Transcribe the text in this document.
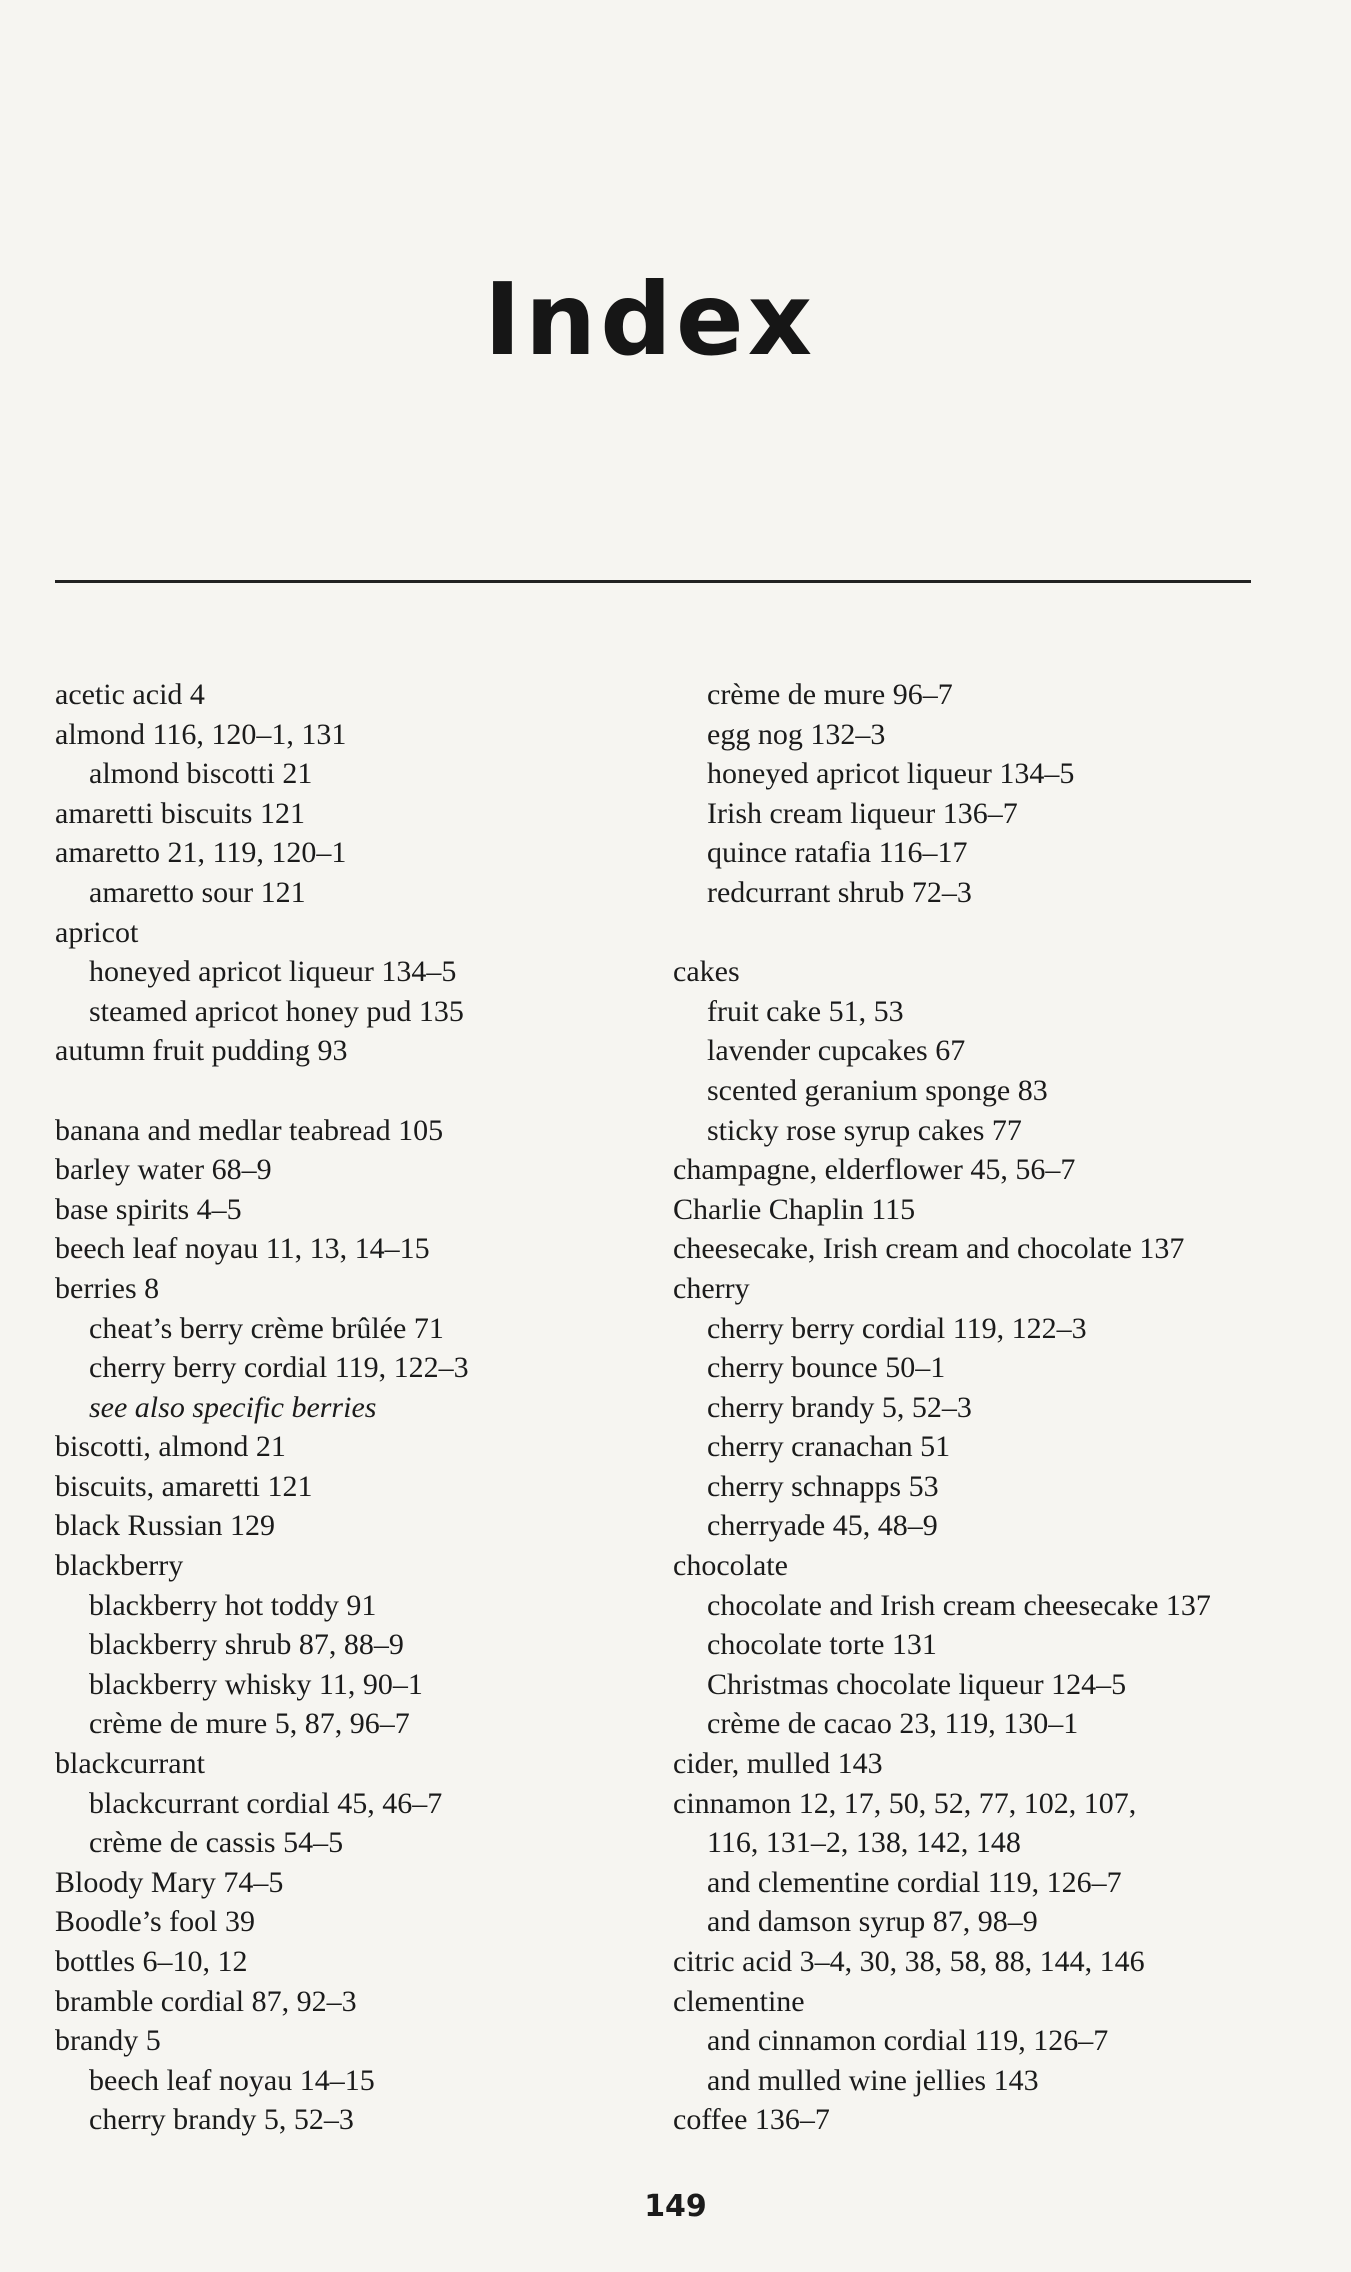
Index
acetic acid 4
almond 116, 120–1, 131
almond biscotti 21
amaretti biscuits 121
amaretto 21, 119, 120–1
amaretto sour 121
apricot
honeyed apricot liqueur 134–5
steamed apricot honey pud 135
autumn fruit pudding 93
banana and medlar teabread 105
barley water 68–9
base spirits 4–5
beech leaf noyau 11, 13, 14–15
berries 8
cheat’s berry crème brûlée 71
cherry berry cordial 119, 122–3
see also specific berries
biscotti, almond 21
biscuits, amaretti 121
black Russian 129
blackberry
blackberry hot toddy 91
blackberry shrub 87, 88–9
blackberry whisky 11, 90–1
crème de mure 5, 87, 96–7
blackcurrant
blackcurrant cordial 45, 46–7
crème de cassis 54–5
Bloody Mary 74–5
Boodle’s fool 39
bottles 6–10, 12
bramble cordial 87, 92–3
brandy 5
beech leaf noyau 14–15
cherry brandy 5, 52–3
crème de mure 96–7
egg nog 132–3
honeyed apricot liqueur 134–5
Irish cream liqueur 136–7
quince ratafia 116–17
redcurrant shrub 72–3
cakes
fruit cake 51, 53
lavender cupcakes 67
scented geranium sponge 83
sticky rose syrup cakes 77
champagne, elderflower 45, 56–7
Charlie Chaplin 115
cheesecake, Irish cream and chocolate 137
cherry
cherry berry cordial 119, 122–3
cherry bounce 50–1
cherry brandy 5, 52–3
cherry cranachan 51
cherry schnapps 53
cherryade 45, 48–9
chocolate
chocolate and Irish cream cheesecake 137
chocolate torte 131
Christmas chocolate liqueur 124–5
crème de cacao 23, 119, 130–1
cider, mulled 143
cinnamon 12, 17, 50, 52, 77, 102, 107,
116, 131–2, 138, 142, 148
and clementine cordial 119, 126–7
and damson syrup 87, 98–9
citric acid 3–4, 30, 38, 58, 88, 144, 146
clementine
and cinnamon cordial 119, 126–7
and mulled wine jellies 143
coffee 136–7
149
